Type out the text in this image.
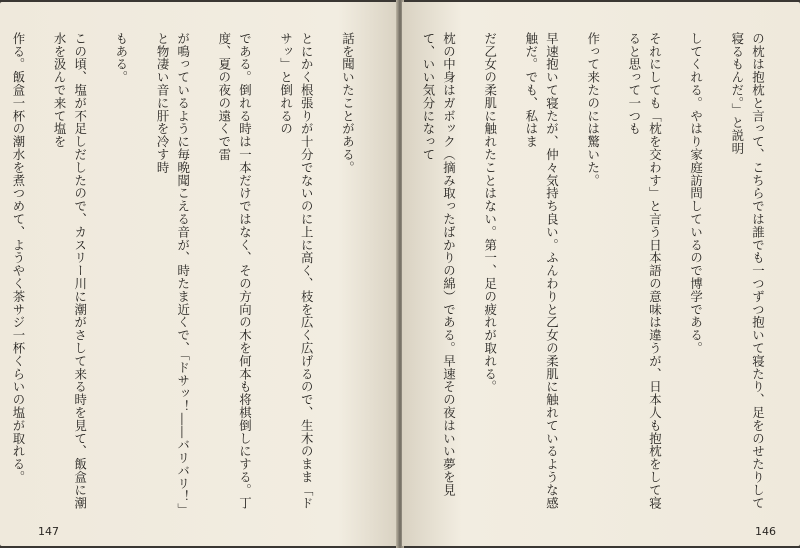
話を聞いたことがある。

とにかく根張りが十分でないのに上に高く、枝を広く広げるので、生木のまま「ドサッ」と倒れるの

である。倒れる時は一本だけではなく、その方向の木を何本も将棋倒しにする。丁度、夏の夜の遠くで雷

が鳴っているように毎晩聞こえる音が、時たま近くで、「ドサッ！――バリバリ！」と物凄い音に肝を冷す時

もある。

この頃、塩が不足しだしたので、カスリー川に潮がさして来る時を見て、飯盒に潮水を汲んで来て塩を

作る。飯盒一杯の潮水を煮つめて、ようやく茶サジ一杯くらいの塩が取れる。

147

の枕は抱枕と言って、こちらでは誰でも一つずつ抱いて寝たり、足をのせたりして寝るもんだ。」と説明

してくれる。やはり家庭訪問しているので博学である。

それにしても「枕を交わす」と言う日本語の意味は違うが、日本人も抱枕をして寝ると思って一つも

作って来たのには驚いた。

早速抱いて寝たが、仲々気持ち良い。ふんわりと乙女の柔肌に触れているような感触だ。でも、私はま

だ乙女の柔肌に触れたことはない。第一、足の疲れが取れる。

枕の中身はガボック（摘み取ったばかりの綿）である。早速その夜はいい夢を見て、いい気分になって

146
